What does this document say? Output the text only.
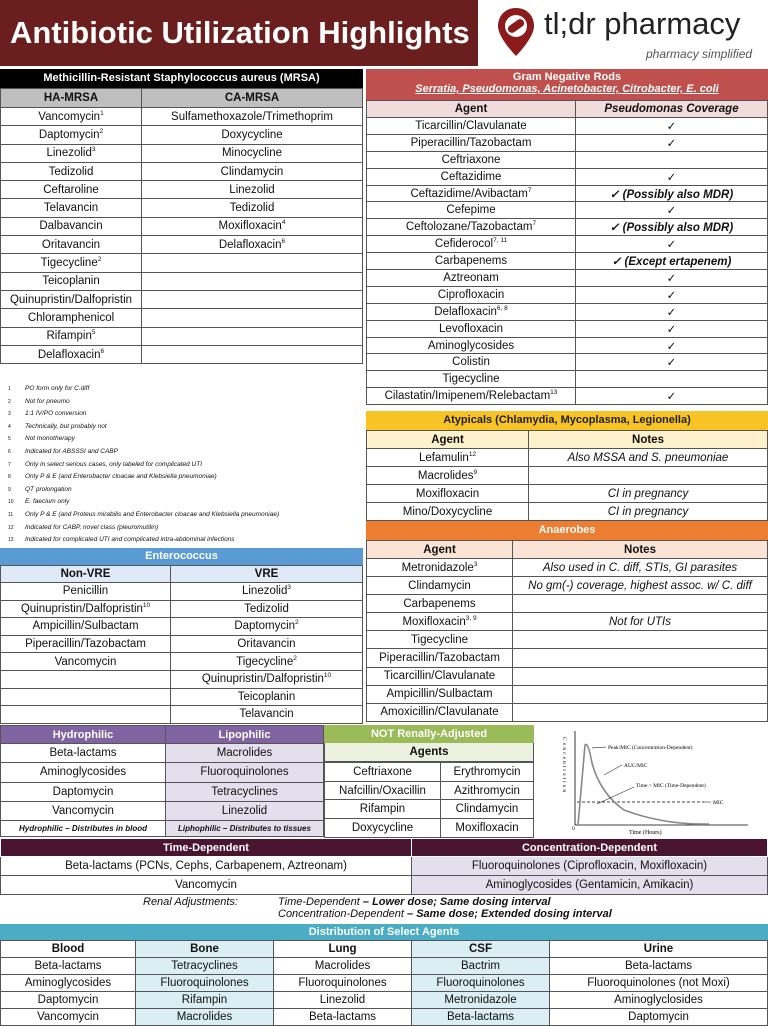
Antibiotic Utilization Highlights tl;dr pharmacy
pharmacy simplified
Methicillin-Resistant Staphylococcus aureus (MRSA)
HA-MRSA	CA-MRSA
Vancomycin$^1$	Sulfamethoxazole/Trimethoprim
Daptomycin$^2$	Doxycycline
Linezolid$^3$	Minocycline
Tedizolid	Clindamycin
Ceftaroline	Linezolid
Telavancin	Tedizolid
Dalbavancin	Moxifloxacin$^4$
Oritavancin	Delafloxacin$^6$
Tigecycline$^2$	
Teicoplanin	
Quinupristin/Dalfopristin	
Chloramphenicol	
Rifampin$^5$	
Delafloxacin$^6$	
1 PO form only for C.diff
2 Not for pneumo
3 1:1 IV/PO conversion
4 Technically, but probably not
5 Not monotherapy
6 Indicated for ABSSSI and CABP
7 Only in select serious cases, only labeled for complicated UTI
8 Only P & E (and Enterobacter cloacae and Klebsiella pneumoniae)
9 QT prolongation
10 E. faecium only
11 Only P & E (and Proteus mirabilis and Enterobacter cloacae and Klebsiella pneumoniae)
12 Indicated for CABP, novel class (pleuromutilin)
13 Indicated for complicated UTI and complicated intra-abdominal infections
Enterococcus
Non-VRE	VRE
Penicillin	Linezolid$^3$
Quinupristin/Dalfopristin$^{10}$	Tedizolid
Ampicillin/Sulbactam	Daptomycin$^2$
Piperacillin/Tazobactam	Oritavancin
Vancomycin	Tigecycline$^2$
	Quinupristin/Dalfopristin$^{10}$
	Teicoplanin
	Telavancin
Gram Negative Rods
Serratia, Pseudomonas, Acinetobacter, Citrobacter, E. coli
Agent	Pseudomonas Coverage
Ticarcillin/Clavulanate	✓
Piperacillin/Tazobactam	✓
Ceftriaxone	
Ceftazidime	✓
Ceftazidime/Avibactam$^7$	✓ (Possibly also MDR)
Cefepime	✓
Ceftolozane/Tazobactam$^7$	✓ (Possibly also MDR)
Cefiderocol$^{7, 11}$	✓
Carbapenems	✓ (Except ertapenem)
Aztreonam	✓
Ciprofloxacin	✓
Delafloxacin$^{6, 8}$	✓
Levofloxacin	✓
Aminoglycosides	✓
Colistin	✓
Tigecycline	
Cilastatin/Imipenem/Relebactam$^{13}$	✓
Atypicals (Chlamydia, Mycoplasma, Legionella)
Agent	Notes
Lefamulin$^{12}$	Also MSSA and S. pneumoniae
Macrolides$^9$	
Moxifloxacin	CI in pregnancy
Mino/Doxycycline	CI in pregnancy
Anaerobes
Agent	Notes
Metronidazole$^3$	Also used in C. diff, STIs, GI parasites
Clindamycin	No gm(-) coverage, highest assoc. w/ C. diff
Carbapenems	
Moxifloxacin$^{3, 9}$	Not for UTIs
Tigecycline	
Piperacillin/Tazobactam	
Ticarcillin/Clavulanate	
Ampicillin/Sulbactam	
Amoxicillin/Clavulanate	
Hydrophilic	Lipophilic
Beta-lactams	Macrolides
Aminoglycosides	Fluoroquinolones
Daptomycin	Tetracyclines
Vancomycin	Linezolid
Hydrophilic – Distributes in blood	Liphophilic – Distributes to tissues
NOT Renally-Adjusted
Agents
Ceftriaxone	Erythromycin
Nafcillin/Oxacillin	Azithromycin
Rifampin	Clindamycin
Doxycycline	Moxifloxacin
Peak/MIC (Concentration-Dependent)
AUC/MIC
Time > MIC (Time-Dependent)
MIC
Time (Hours)
0
Concentration
Time-Dependent	Concentration-Dependent
Beta-lactams (PCNs, Cephs, Carbapenem, Aztreonam)	Fluoroquinolones (Ciprofloxacin, Moxifloxacin)
Vancomycin	Aminoglycosides (Gentamicin, Amikacin)
Renal Adjustments:	Time-Dependent – Lower dose; Same dosing interval
Concentration-Dependent – Same dose; Extended dosing interval
Distribution of Select Agents
Blood	Bone	Lung	CSF	Urine
Beta-lactams	Tetracyclines	Macrolides	Bactrim	Beta-lactams
Aminoglycosides	Fluoroquinolones	Fluoroquinolones	Fluoroquinolones	Fluoroquinolones (not Moxi)
Daptomycin	Rifampin	Linezolid	Metronidazole	Aminoglyclosides
Vancomycin	Macrolides	Beta-lactams	Beta-lactams	Daptomycin
